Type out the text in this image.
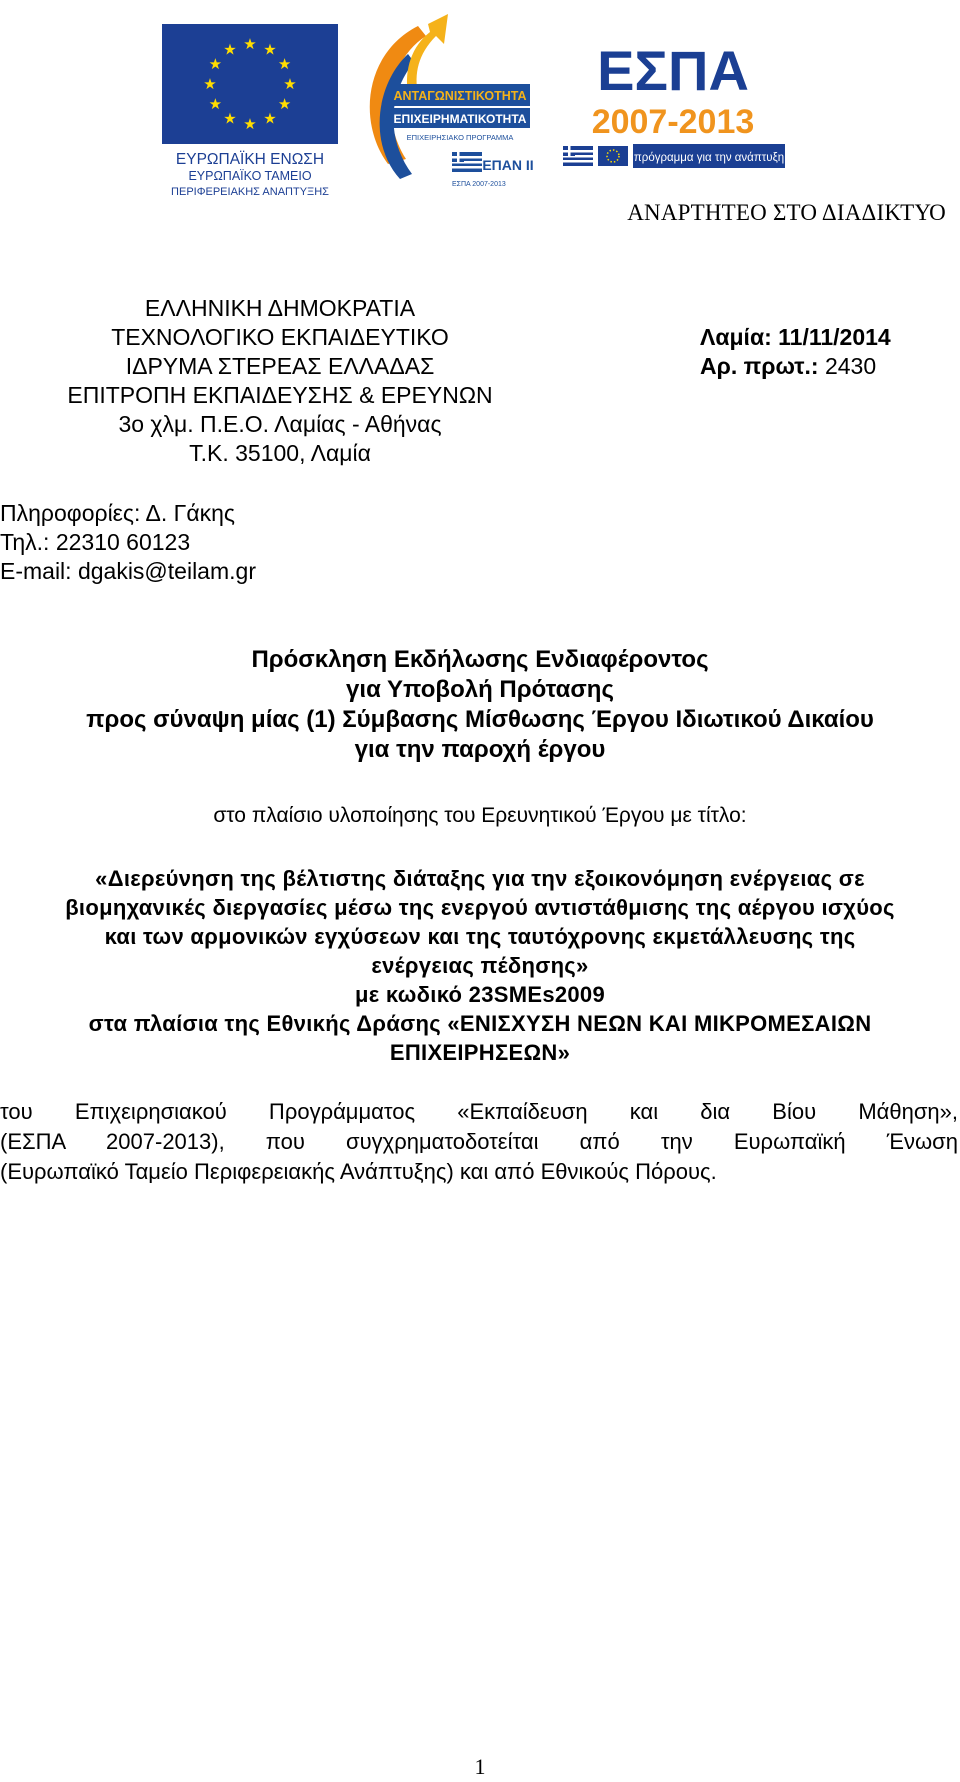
★ ★
★
★
★
★
★
★
★
★
★
★
ΕΥΡΩΠΑΪΚΗ ΕΝΩΣΗ
ΕΥΡΩΠΑΪΚΟ ΤΑΜΕΙΟ
ΠΕΡΙΦΕΡΕΙΑΚΗΣ ΑΝΑΠΤΥΞΗΣ
ΑΝΤΑΓΩΝΙΣΤΙΚΟΤΗΤΑ
ΕΠΙΧΕΙΡΗΜΑΤΙΚΟΤΗΤΑ
ΕΠΙΧΕΙΡΗΣΙΑΚΟ ΠΡΟΓΡΑΜΜΑ
ΕΠΑΝ ΙΙ
ΕΣΠΑ 2007-2013
ΕΣΠΑ
2007-2013
πρόγραμμα για την ανάπτυξη
ΑΝΑΡΤΗΤΕΟ ΣΤΟ ΔΙΑΔΙΚΤΥΟ
ΕΛΛΗΝΙΚΗ ΔΗΜΟΚΡΑΤΙΑ
ΤΕΧΝΟΛΟΓΙΚΟ ΕΚΠΑΙΔΕΥΤΙΚΟ
ΙΔΡΥΜΑ ΣΤΕΡΕΑΣ ΕΛΛΑΔΑΣ
ΕΠΙΤΡΟΠΗ ΕΚΠΑΙΔΕΥΣΗΣ & ΕΡΕΥΝΩΝ
3ο χλμ. Π.Ε.Ο. Λαμίας - Αθήνας
Τ.Κ. 35100, Λαμία
Λαμία: 11/11/2014
Αρ. πρωτ.: 2430
Πληροφορίες: Δ. Γάκης
Τηλ.: 22310 60123
E-mail: dgakis@teilam.gr
Πρόσκληση Εκδήλωσης Ενδιαφέροντος
για Υποβολή Πρότασης
προς σύναψη μίας (1) Σύμβασης Μίσθωσης Έργου Ιδιωτικού Δικαίου
για την παροχή έργου
στο πλαίσιο υλοποίησης του Ερευνητικού Έργου με τίτλο:
«Διερεύνηση της βέλτιστης διάταξης για την εξοικονόμηση ενέργειας σε
βιομηχανικές διεργασίες μέσω της ενεργού αντιστάθμισης της αέργου ισχύος
και των αρμονικών εγχύσεων και της ταυτόχρονης εκμετάλλευσης της
ενέργειας πέδησης»
με κωδικό 23SMEs2009
στα πλαίσια της Εθνικής Δράσης «ΕΝΙΣΧΥΣΗ ΝΕΩΝ ΚΑΙ ΜΙΚΡΟΜΕΣΑΙΩΝ
ΕΠΙΧΕΙΡΗΣΕΩΝ»
του Επιχειρησιακού Προγράμματος «Εκπαίδευση και δια Βίου Μάθηση»,
(ΕΣΠΑ 2007-2013), που συγχρηματοδοτείται από την Ευρωπαϊκή Ένωση
(Ευρωπαϊκό Ταμείο Περιφερειακής Ανάπτυξης) και από Εθνικούς Πόρους.
1
